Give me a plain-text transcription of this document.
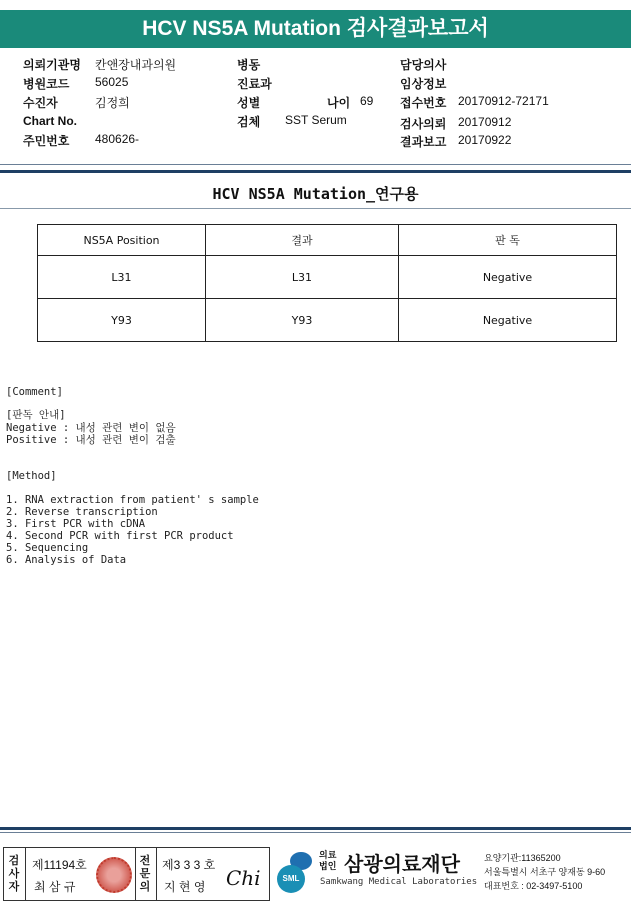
HCV NS5A Mutation 검사결과보고서
의뢰기관명 칸앤장내과의원
병원코드 56025
수진자	김정희
Chart No.
주민번호 480626-
병동
진료과
성별	나이 69
검체 SST Serum
담당의사
임상정보
접수번호 20170912-72171
검사의뢰 20170912
결과보고 20170922
HCV NS5A Mutation_연구용
NS5A Position	결과	판 독
L31	L31	Negative
Y93	Y93	Negative
[Comment]
[판독 안내]
Negative : 내성 관련 변이 없음
Positive : 내성 관련 변이 검출
[Method]
1. RNA extraction from patient' s sample
2. Reverse transcription
3. First PCR with cDNA
4. Second PCR with first PCR product
5. Sequencing
6. Analysis of Data
검
사
자
제11194호
최 삼 규
전
문
의
제3 3 3 호
지 현 영 Chi	SML
의료
법인 삼광의료재단
Samkwang Medical Laboratories
요양기관:11365200
서울특별시 서초구 양재동 9-60
대표번호 : 02-3497-5100
